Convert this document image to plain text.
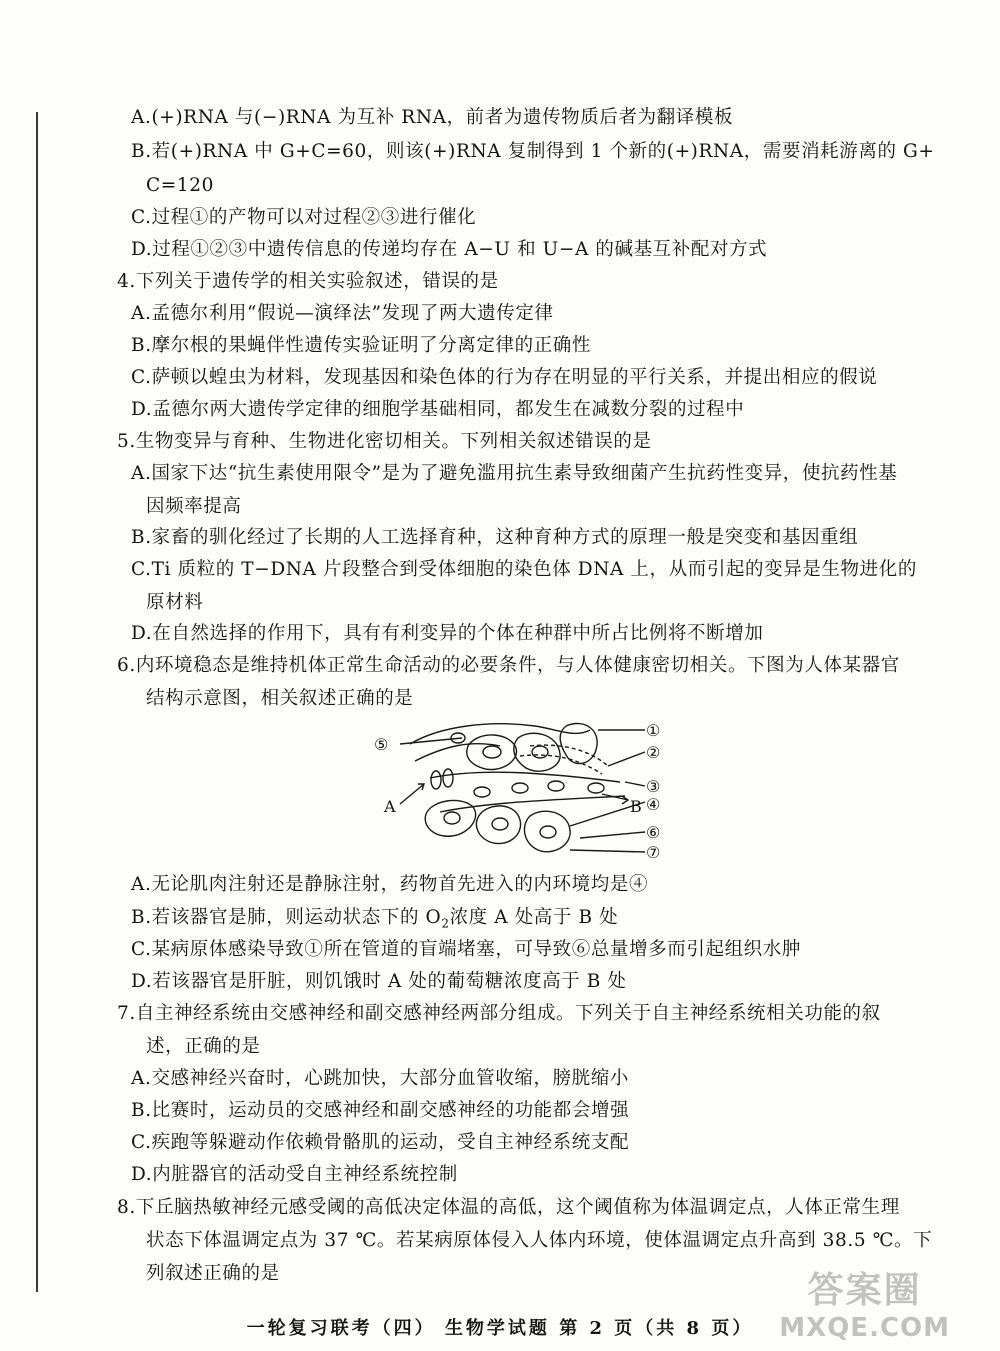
A.(+)RNA 与(−)RNA 为互补 RNA，前者为遗传物质后者为翻译模板
B.若(+)RNA 中 G+C=60，则该(+)RNA 复制得到 1 个新的(+)RNA，需要消耗游离的 G+
C=120
C.过程①的产物可以对过程②③进行催化
D.过程①②③中遗传信息的传递均存在 A−U 和 U−A 的碱基互补配对方式
4.下列关于遗传学的相关实验叙述，错误的是
A.孟德尔利用“假说—演绎法”发现了两大遗传定律
B.摩尔根的果蝇伴性遗传实验证明了分离定律的正确性
C.萨顿以蝗虫为材料，发现基因和染色体的行为存在明显的平行关系，并提出相应的假说
D.孟德尔两大遗传学定律的细胞学基础相同，都发生在减数分裂的过程中
5.生物变异与育种、生物进化密切相关。下列相关叙述错误的是
A.国家下达“抗生素使用限令”是为了避免滥用抗生素导致细菌产生抗药性变异，使抗药性基
因频率提高
B.家畜的驯化经过了长期的人工选择育种，这种育种方式的原理一般是突变和基因重组
C.Ti 质粒的 T−DNA 片段整合到受体细胞的染色体 DNA 上，从而引起的变异是生物进化的
原材料
D.在自然选择的作用下，具有有利变异的个体在种群中所占比例将不断增加
6.内环境稳态是维持机体正常生命活动的必要条件，与人体健康密切相关。下图为人体某器官
结构示意图，相关叙述正确的是
①
②
③
④
⑤
⑥
⑦
A	B
A.无论肌肉注射还是静脉注射，药物首先进入的内环境均是④
B.若该器官是肺，则运动状态下的 $O_2$浓度 A 处高于 B 处
C.某病原体感染导致①所在管道的盲端堵塞，可导致⑥总量增多而引起组织水肿
D.若该器官是肝脏，则饥饿时 A 处的葡萄糖浓度高于 B 处
7.自主神经系统由交感神经和副交感神经两部分组成。下列关于自主神经系统相关功能的叙
述，正确的是
A.交感神经兴奋时，心跳加快，大部分血管收缩，膀胱缩小
B.比赛时，运动员的交感神经和副交感神经的功能都会增强
C.疾跑等躲避动作依赖骨骼肌的运动，受自主神经系统支配
D.内脏器官的活动受自主神经系统控制
8.下丘脑热敏神经元感受阈的高低决定体温的高低，这个阈值称为体温调定点，人体正常生理
状态下体温调定点为 37 ℃。若某病原体侵入人体内环境，使体温调定点升高到 38.5 ℃。下
列叙述正确的是
一轮复习联考（四） 生物学试题 第 2 页（共 8 页）
答案圈
MXQE.COM
